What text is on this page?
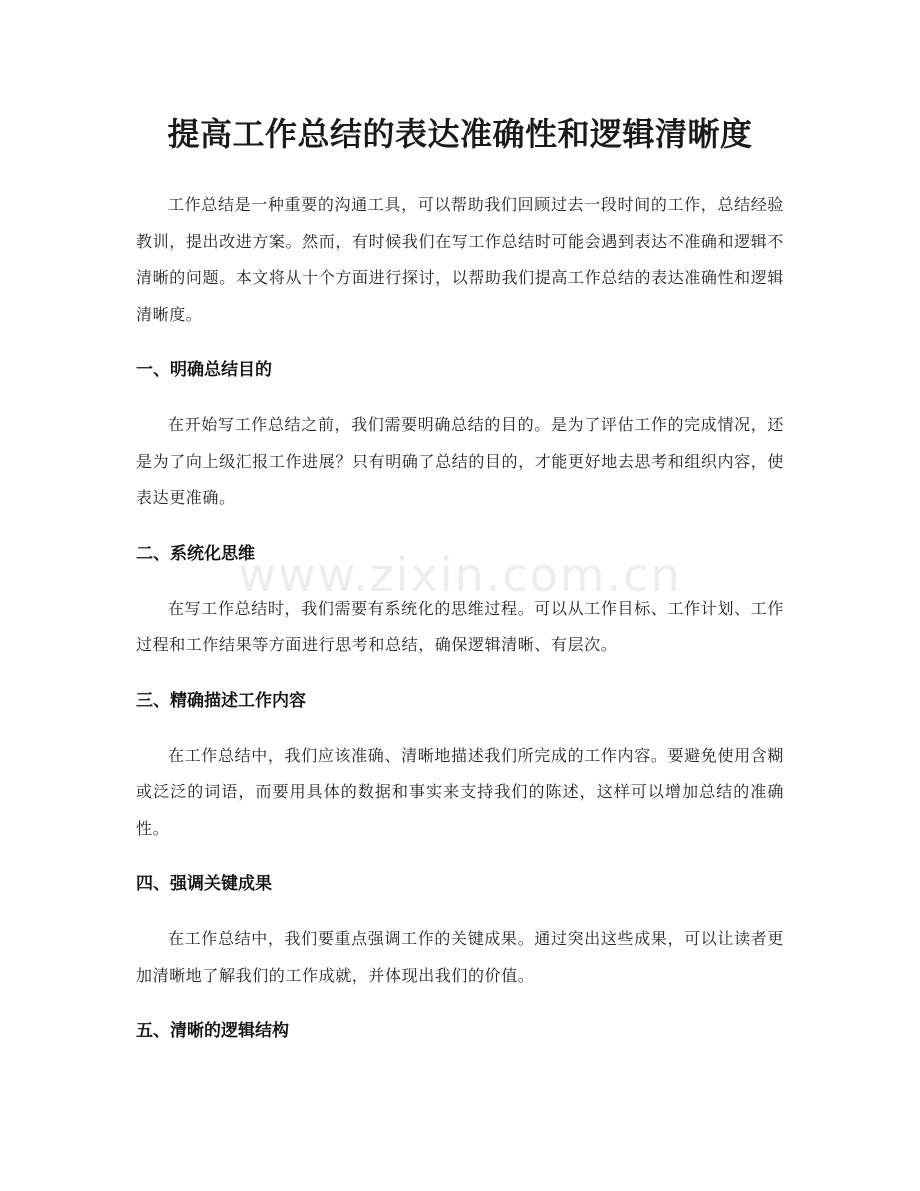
提高工作总结的表达准确性和逻辑清晰度

工作总结是一种重要的沟通工具，可以帮助我们回顾过去一段时间的工作，总结经验教训，提出改进方案。然而，有时候我们在写工作总结时可能会遇到表达不准确和逻辑不清晰的问题。本文将从十个方面进行探讨，以帮助我们提高工作总结的表达准确性和逻辑清晰度。

一、明确总结目的

在开始写工作总结之前，我们需要明确总结的目的。是为了评估工作的完成情况，还是为了向上级汇报工作进展？只有明确了总结的目的，才能更好地去思考和组织内容，使表达更准确。

二、系统化思维

在写工作总结时，我们需要有系统化的思维过程。可以从工作目标、工作计划、工作过程和工作结果等方面进行思考和总结，确保逻辑清晰、有层次。

三、精确描述工作内容

在工作总结中，我们应该准确、清晰地描述我们所完成的工作内容。要避免使用含糊或泛泛的词语，而要用具体的数据和事实来支持我们的陈述，这样可以增加总结的准确性。

四、强调关键成果

在工作总结中，我们要重点强调工作的关键成果。通过突出这些成果，可以让读者更加清晰地了解我们的工作成就，并体现出我们的价值。

五、清晰的逻辑结构
www.zixin.com.cn
